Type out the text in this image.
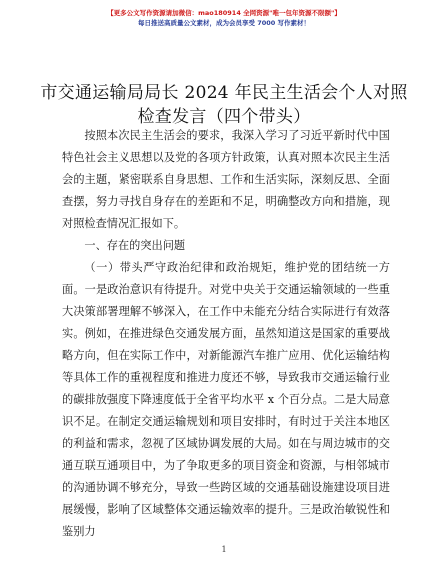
【更多公文写作资源请加微信：mao180914 全网资源"唯一包年资源不限额"】
每日推送高质量公文素材，成为会员享受 7000 写作素材！
市交通运输局局长 2024 年民主生活会个人对照检查发言（四个带头）

按照本次民主生活会的要求，我深入学习了习近平新时代中国特色社会主义思想以及党的各项方针政策，认真对照本次民主生活会的主题，紧密联系自身思想、工作和生活实际，深刻反思、全面查摆，努力寻找自身存在的差距和不足，明确整改方向和措施，现对照检查情况汇报如下。

一、存在的突出问题

（一）带头严守政治纪律和政治规矩，维护党的团结统一方面。一是政治意识有待提升。对党中央关于交通运输领域的一些重大决策部署理解不够深入，在工作中未能充分结合实际进行有效落实。例如，在推进绿色交通发展方面，虽然知道这是国家的重要战略方向，但在实际工作中，对新能源汽车推广应用、优化运输结构等具体工作的重视程度和推进力度还不够，导致我市交通运输行业的碳排放强度下降速度低于全省平均水平 x 个百分点。二是大局意识不足。在制定交通运输规划和项目安排时，有时过于关注本地区的利益和需求，忽视了区域协调发展的大局。如在与周边城市的交通互联互通项目中，为了争取更多的项目资金和资源，与相邻城市的沟通协调不够充分，导致一些跨区域的交通基础设施建设项目进展缓慢，影响了区域整体交通运输效率的提升。三是政治敏锐性和鉴别力

1
